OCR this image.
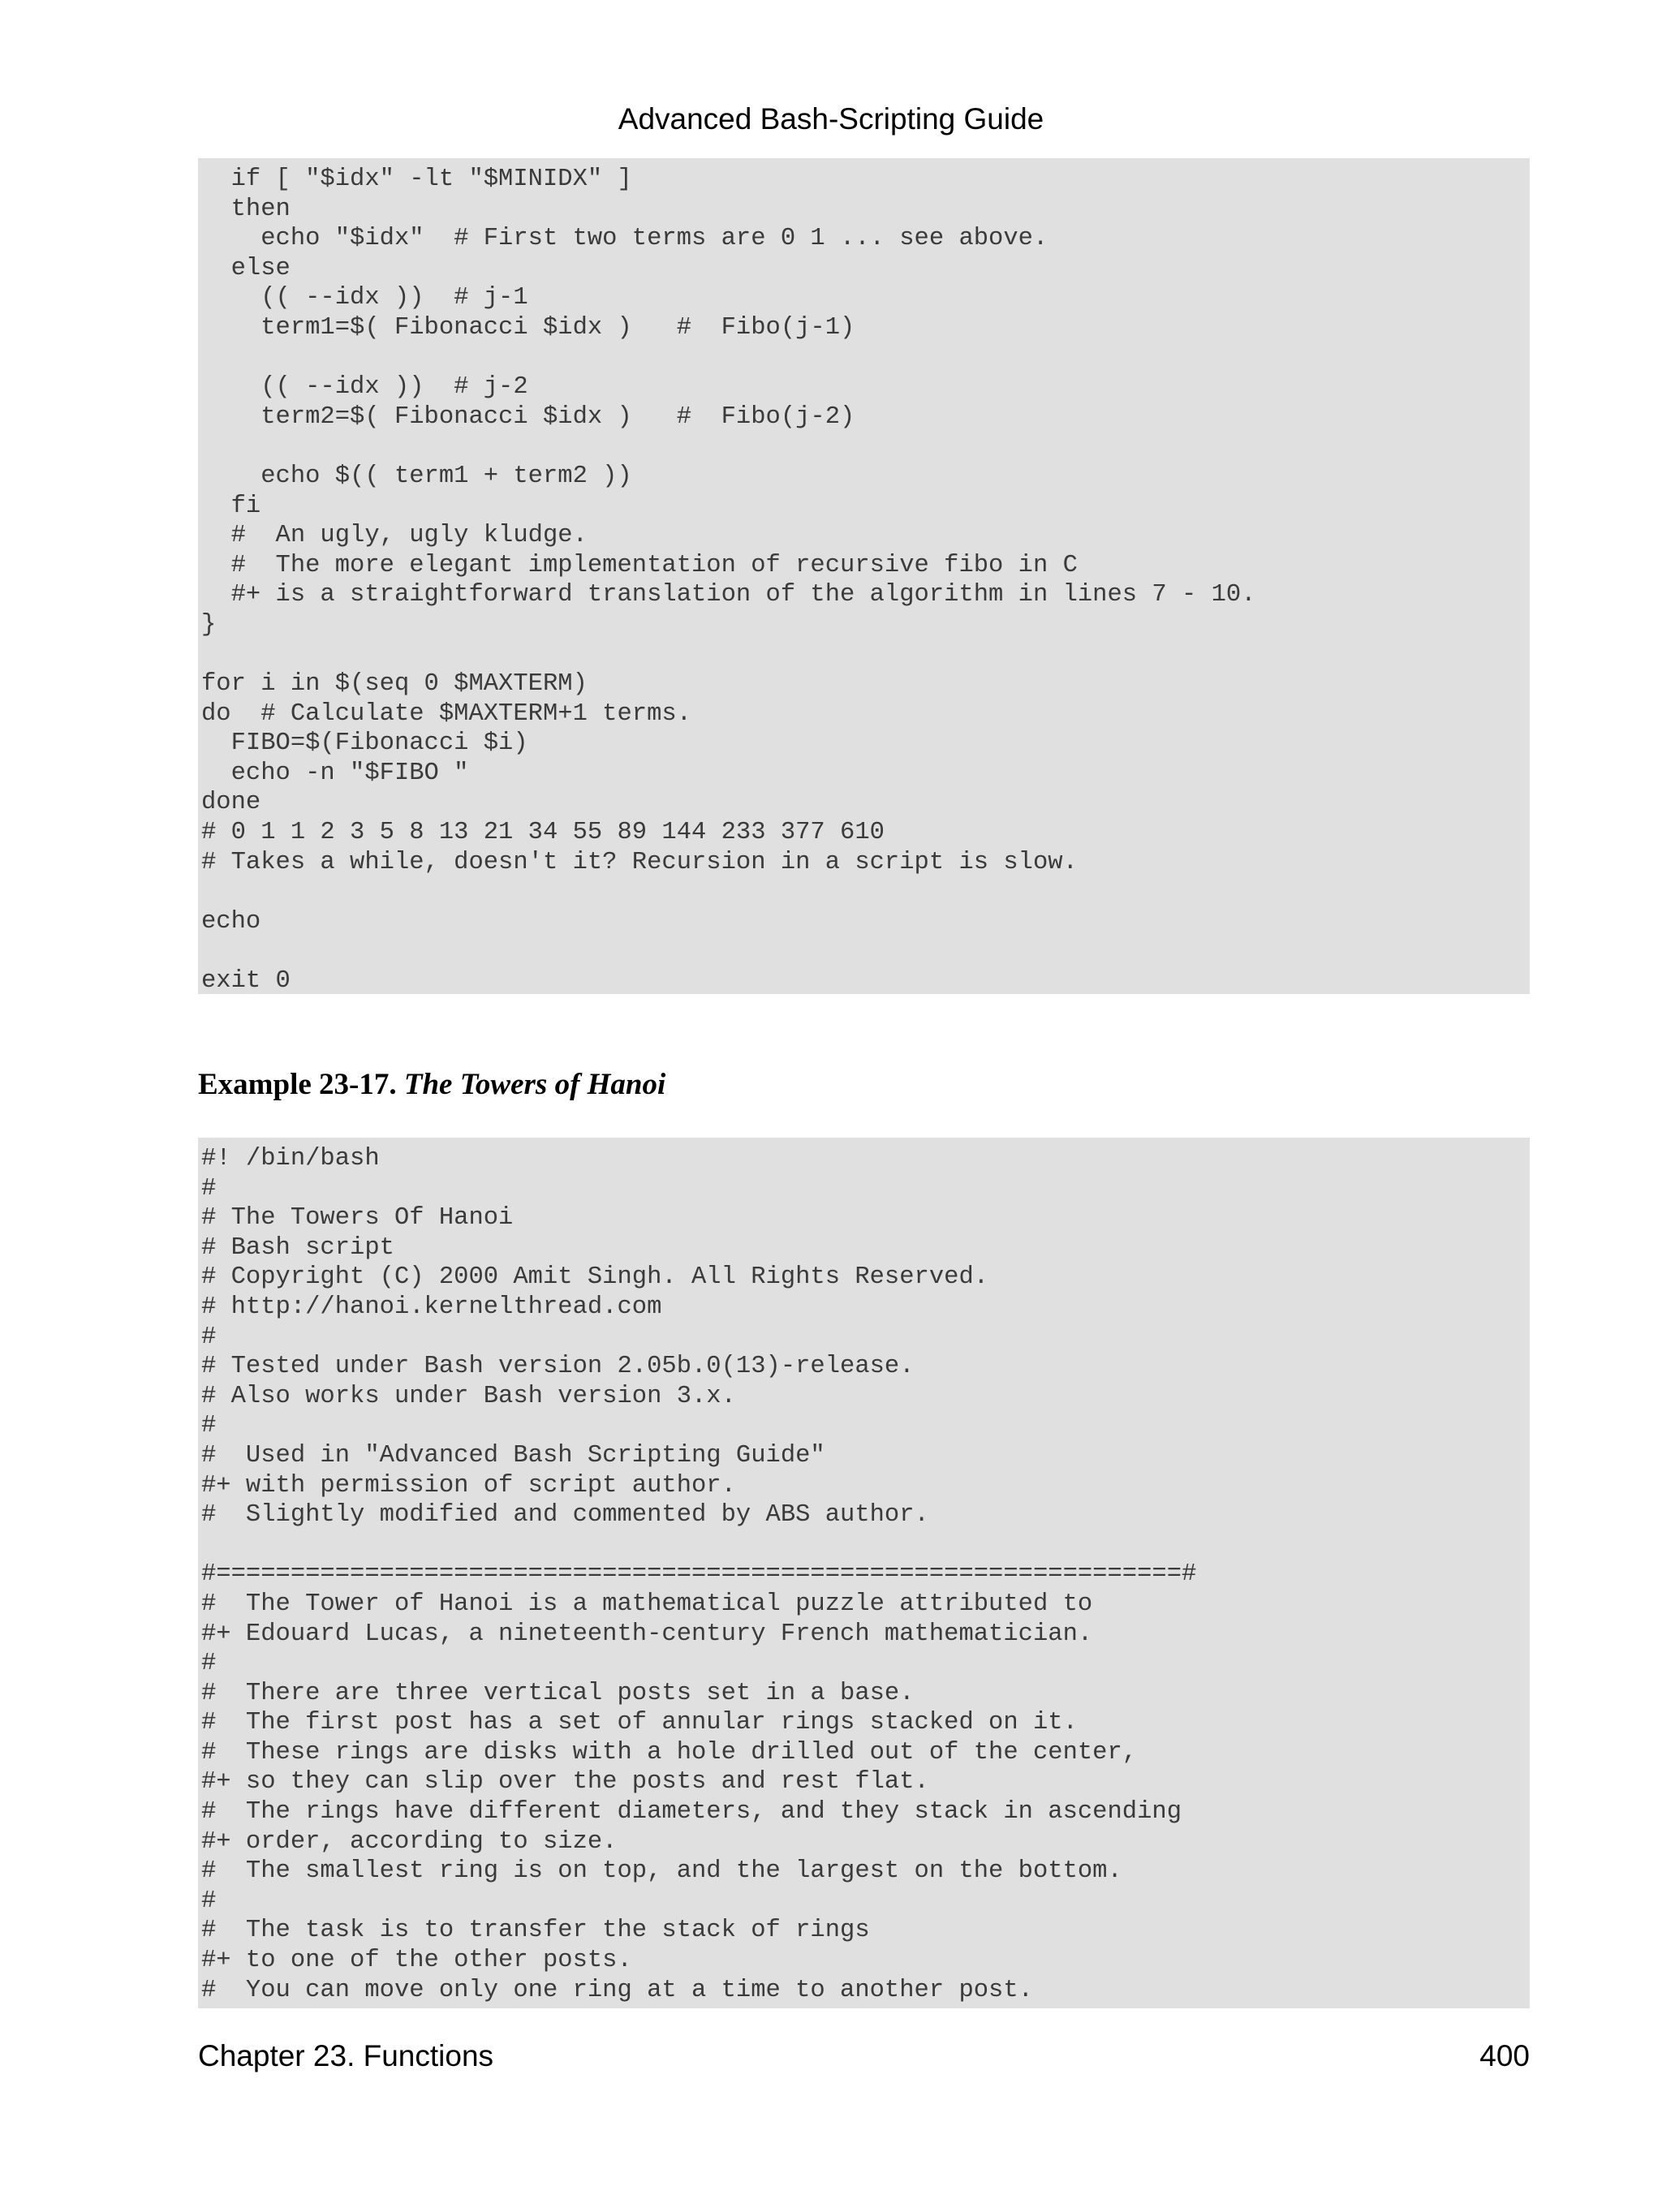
Advanced Bash-Scripting Guide
if [ "$idx" -lt "$MINIDX" ]
then
echo "$idx"  # First two terms are 0 1 ... see above.
else
(( --idx ))  # j-1
term1=$( Fibonacci $idx )   #  Fibo(j-1)

(( --idx ))  # j-2
term2=$( Fibonacci $idx )   #  Fibo(j-2)

echo $(( term1 + term2 ))
fi
#  An ugly, ugly kludge.
#  The more elegant implementation of recursive fibo in C
#+ is a straightforward translation of the algorithm in lines 7 - 10.
}

for i in $(seq 0 $MAXTERM)
do  # Calculate $MAXTERM+1 terms.
FIBO=$(Fibonacci $i)
echo -n "$FIBO "
done
# 0 1 1 2 3 5 8 13 21 34 55 89 144 233 377 610
# Takes a while, doesn't it? Recursion in a script is slow.

echo

exit 0

Example 23-17. The Towers of Hanoi
#! /bin/bash
#
# The Towers Of Hanoi
# Bash script
# Copyright (C) 2000 Amit Singh. All Rights Reserved.
# http://hanoi.kernelthread.com
#
# Tested under Bash version 2.05b.0(13)-release.
# Also works under Bash version 3.x.
#
#  Used in "Advanced Bash Scripting Guide"
#+ with permission of script author.
#  Slightly modified and commented by ABS author.

#=================================================================#
#  The Tower of Hanoi is a mathematical puzzle attributed to
#+ Edouard Lucas, a nineteenth-century French mathematician.
#
#  There are three vertical posts set in a base.
#  The first post has a set of annular rings stacked on it.
#  These rings are disks with a hole drilled out of the center,
#+ so they can slip over the posts and rest flat.
#  The rings have different diameters, and they stack in ascending
#+ order, according to size.
#  The smallest ring is on top, and the largest on the bottom.
#
#  The task is to transfer the stack of rings
#+ to one of the other posts.
#  You can move only one ring at a time to another post.

Chapter 23. Functions	400
